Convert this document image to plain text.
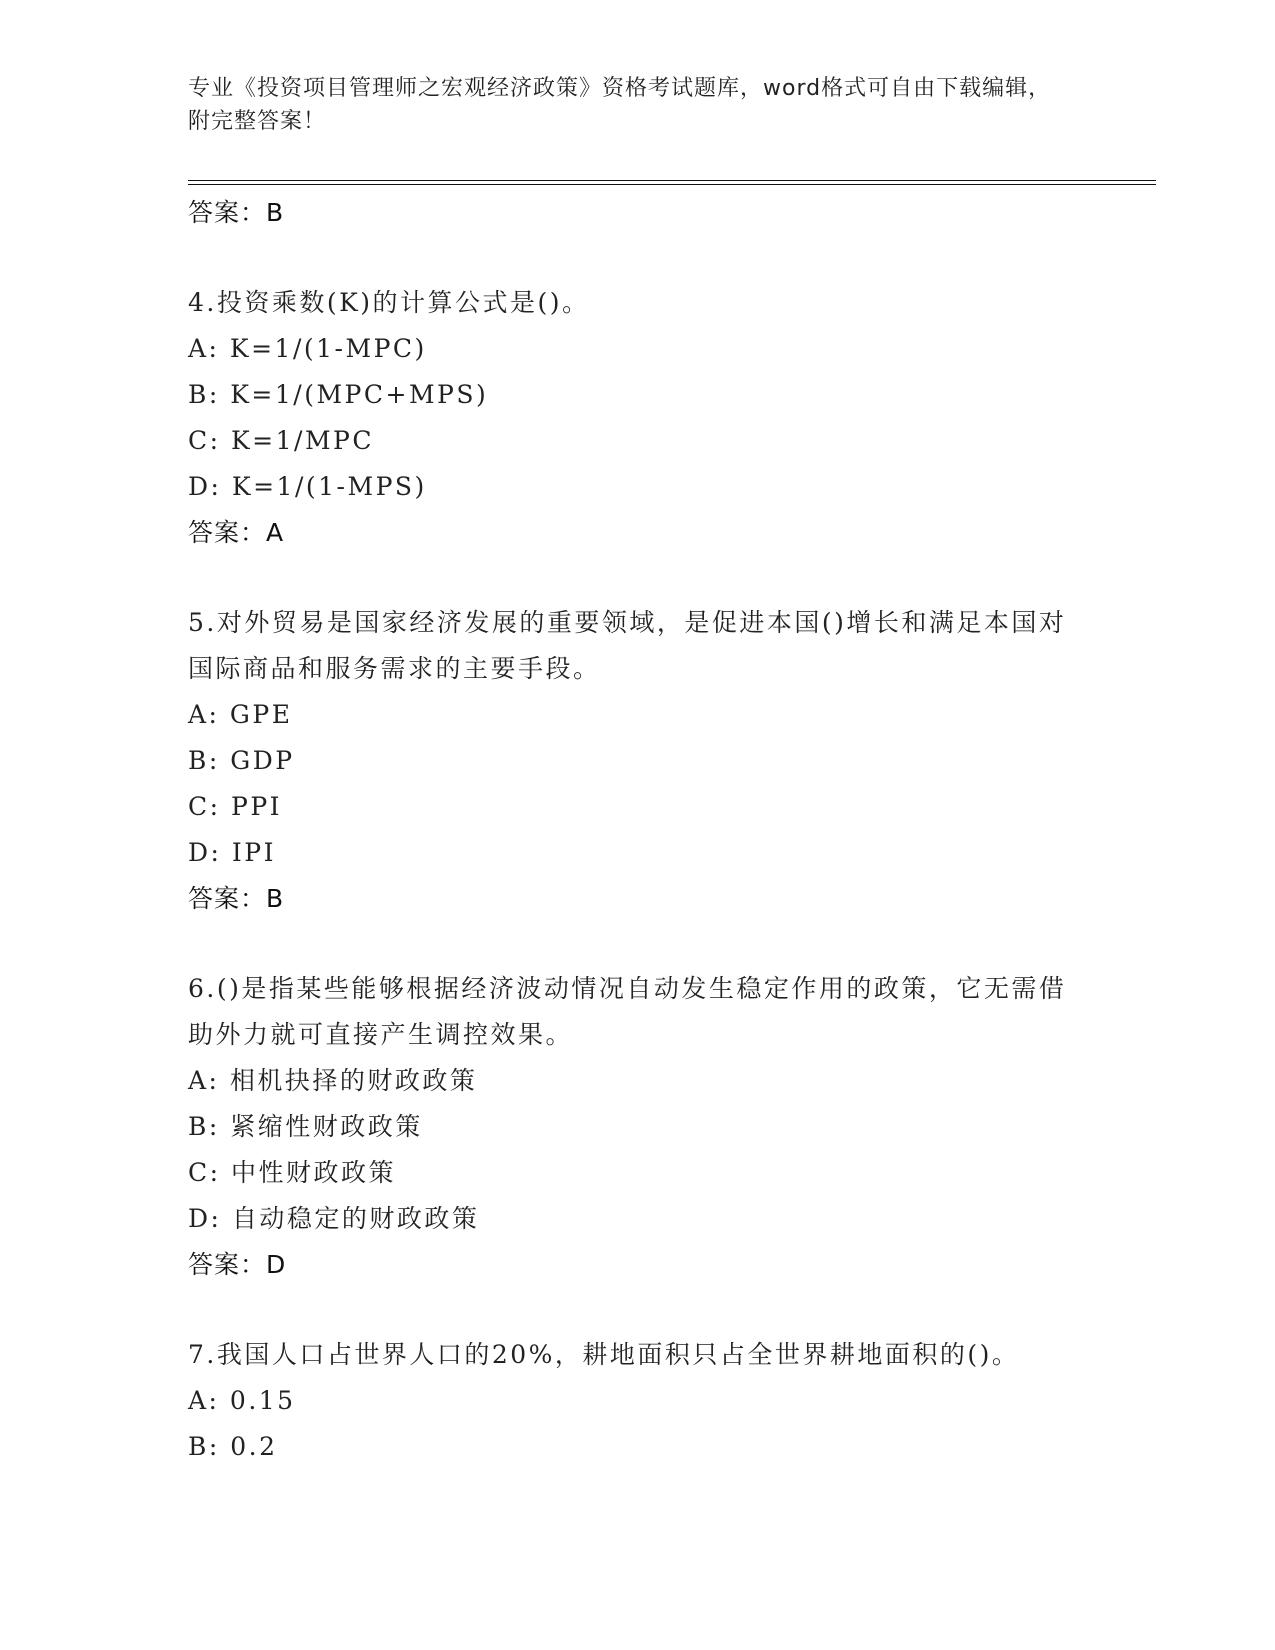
专业《投资项目管理师之宏观经济政策》资格考试题库，word格式可自由下载编辑，附完整答案！
答案：B
4.投资乘数(K)的计算公式是()。
A: K=1/(1-MPC)
B: K=1/(MPC+MPS)
C: K=1/MPC
D: K=1/(1-MPS)
答案：A
5.对外贸易是国家经济发展的重要领域，是促进本国()增长和满足本国对国际商品和服务需求的主要手段。
A: GPE
B: GDP
C: PPI
D: IPI
答案：B
6.()是指某些能够根据经济波动情况自动发生稳定作用的政策，它无需借助外力就可直接产生调控效果。
A: 相机抉择的财政政策
B: 紧缩性财政政策
C: 中性财政政策
D: 自动稳定的财政政策
答案：D
7.我国人口占世界人口的20%，耕地面积只占全世界耕地面积的()。
A: 0.15
B: 0.2
